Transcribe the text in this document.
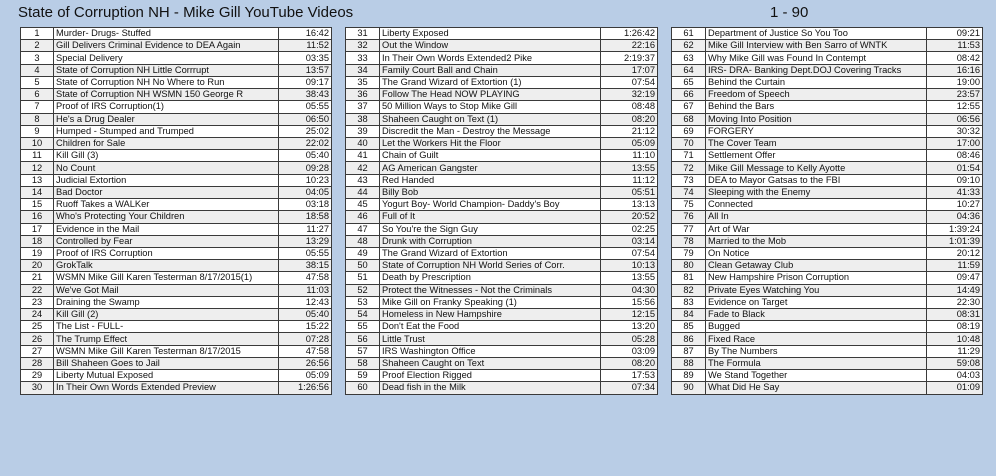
State of Corruption NH - Mike Gill YouTube Videos	1 - 90
1	Murder- Drugs- Stuffed	16:42
2	Gill Delivers Criminal Evidence to DEA Again	11:52
3	Special Delivery	03:35
4	State of Corruption NH Little Corrrupt	13:57
5	State of Corruption NH No Where to Run	09:17
6	State of Corruption NH WSMN 150 George R	38:43
7	Proof of IRS Corruption(1)	05:55
8	He's a Drug Dealer	06:50
9	Humped - Stumped and Trumped	25:02
10	Children for Sale	22:02
11	Kill Gill (3)	05:40
12	No Count	09:28
13	Judicial Extortion	10:23
14	Bad Doctor	04:05
15	Ruoff Takes a WALKer	03:18
16	Who's Protecting Your Children	18:58
17	Evidence in the Mail	11:27
18	Controlled by Fear	13:29
19	Proof of IRS Corruption	05:55
20	GrokTalk	38:15
21	WSMN Mike Gill Karen Testerman 8/17/2015(1)	47:58
22	We've Got Mail	11:03
23	Draining the Swamp	12:43
24	Kill Gill (2)	05:40
25	The List - FULL-	15:22
26	The Trump Effect	07:28
27	WSMN Mike Gill Karen Testerman 8/17/2015	47:58
28	Bill Shaheen Goes to Jail	26:56
29	Liberty Mutual Exposed	05:09
30	In Their Own Words Extended Preview	1:26:56
31	Liberty Exposed	1:26:42
32	Out the Window	22:16
33	In Their Own Words Extended2 Pike	2:19:37
34	Family Court Ball and Chain	17:07
35	The Grand Wizard of Extortion (1)	07:54
36	Follow The Head NOW PLAYING	32:19
37	50 Million Ways to Stop Mike Gill	08:48
38	Shaheen Caught on Text (1)	08:20
39	Discredit the Man - Destroy the Message	21:12
40	Let the Workers Hit the Floor	05:09
41	Chain of Guilt	11:10
42	AG American Gangster	13:55
43	Red Handed	11:12
44	Billy Bob	05:51
45	Yogurt Boy- World Champion- Daddy's Boy	13:13
46	Full of It	20:52
47	So You're the Sign Guy	02:25
48	Drunk with Corruption	03:14
49	The Grand Wizard of Extortion	07:54
50	State of Corruption NH World Series of Corr.	10:13
51	Death by Prescription	13:55
52	Protect the Witnesses - Not the Criminals	04:30
53	Mike Gill on Franky Speaking (1)	15:56
54	Homeless in New Hampshire	12:15
55	Don't Eat the Food	13:20
56	Little Trust	05:28
57	IRS Washington Office	03:09
58	Shaheen Caught on Text	08:20
59	Proof Election Rigged	17:53
60	Dead fish in the Milk	07:34
61	Department of Justice So You Too	09:21
62	Mike Gill Interview with Ben Sarro of WNTK	11:53
63	Why Mike Gill was Found In Contempt	08:42
64	IRS- DRA- Banking Dept.DOJ Covering Tracks	16:16
65	Behind the Curtain	19:00
66	Freedom of Speech	23:57
67	Behind the Bars	12:55
68	Moving Into Position	06:56
69	FORGERY	30:32
70	The Cover Team	17:00
71	Settlement Offer	08:46
72	Mike Gill Message to Kelly Ayotte	01:54
73	DEA to Mayor Gatsas to the FBI	09:10
74	Sleeping with the Enemy	41:33
75	Connected	10:27
76	All In	04:36
77	Art of War	1:39:24
78	Married to the Mob	1:01:39
79	On Notice	20:12
80	Clean Getaway Club	11:59
81	New Hampshire Prison Corruption	09:47
82	Private Eyes Watching You	14:49
83	Evidence on Target	22:30
84	Fade to Black	08:31
85	Bugged	08:19
86	Fixed Race	10:48
87	By The Numbers	11:29
88	The Formula	59:08
89	We Stand Together	04:03
90	What Did He Say	01:09
